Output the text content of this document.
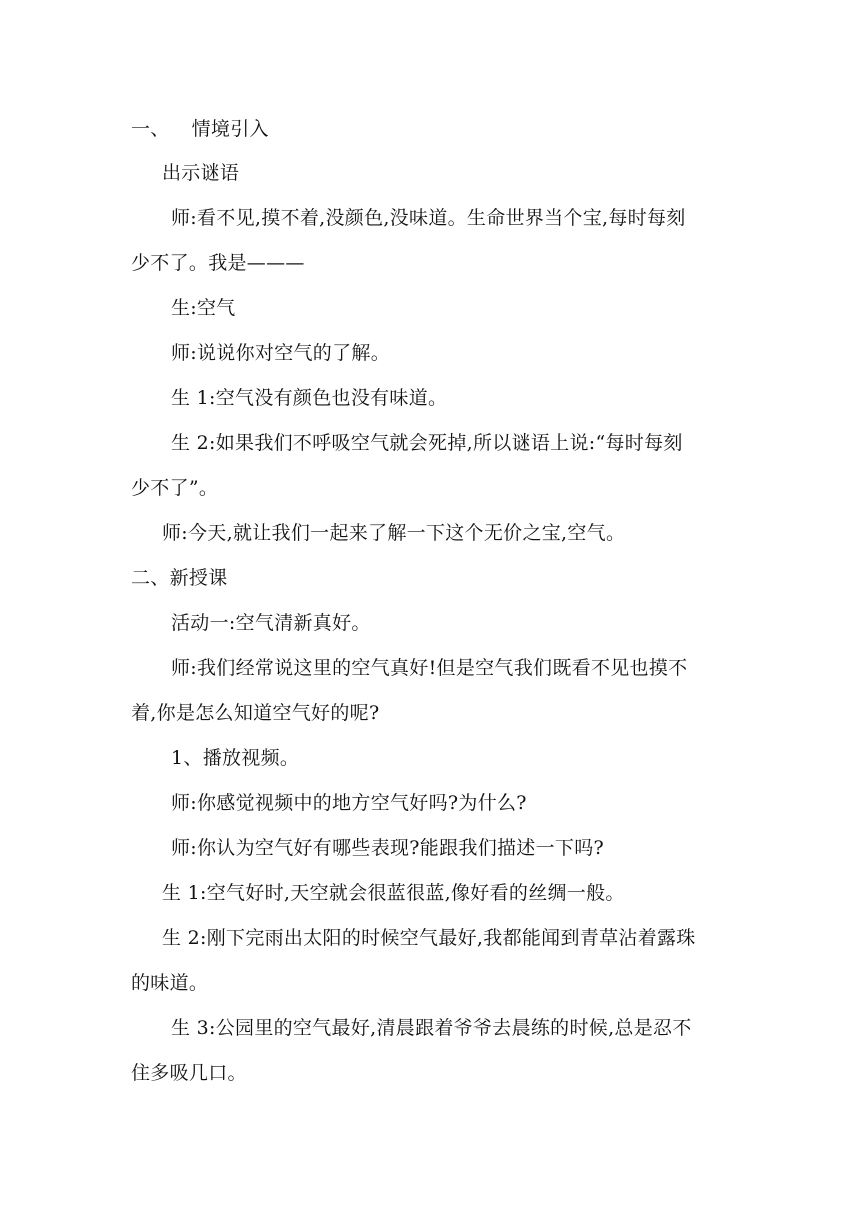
一、 情境引入
出示谜语
师:看不见,摸不着,没颜色,没味道。生命世界当个宝,每时每刻
少不了。我是———
生:空气
师:说说你对空气的了解。
生 1:空气没有颜色也没有味道。
生 2:如果我们不呼吸空气就会死掉,所以谜语上说:“每时每刻
少不了”。
师:今天,就让我们一起来了解一下这个无价之宝,空气。
二、新授课
活动一:空气清新真好。
师:我们经常说这里的空气真好!但是空气我们既看不见也摸不
着,你是怎么知道空气好的呢?
1、播放视频。
师:你感觉视频中的地方空气好吗?为什么?
师:你认为空气好有哪些表现?能跟我们描述一下吗?
生 1:空气好时,天空就会很蓝很蓝,像好看的丝绸一般。
生 2:刚下完雨出太阳的时候空气最好,我都能闻到青草沾着露珠
的味道。
生 3:公园里的空气最好,清晨跟着爷爷去晨练的时候,总是忍不
住多吸几口。
